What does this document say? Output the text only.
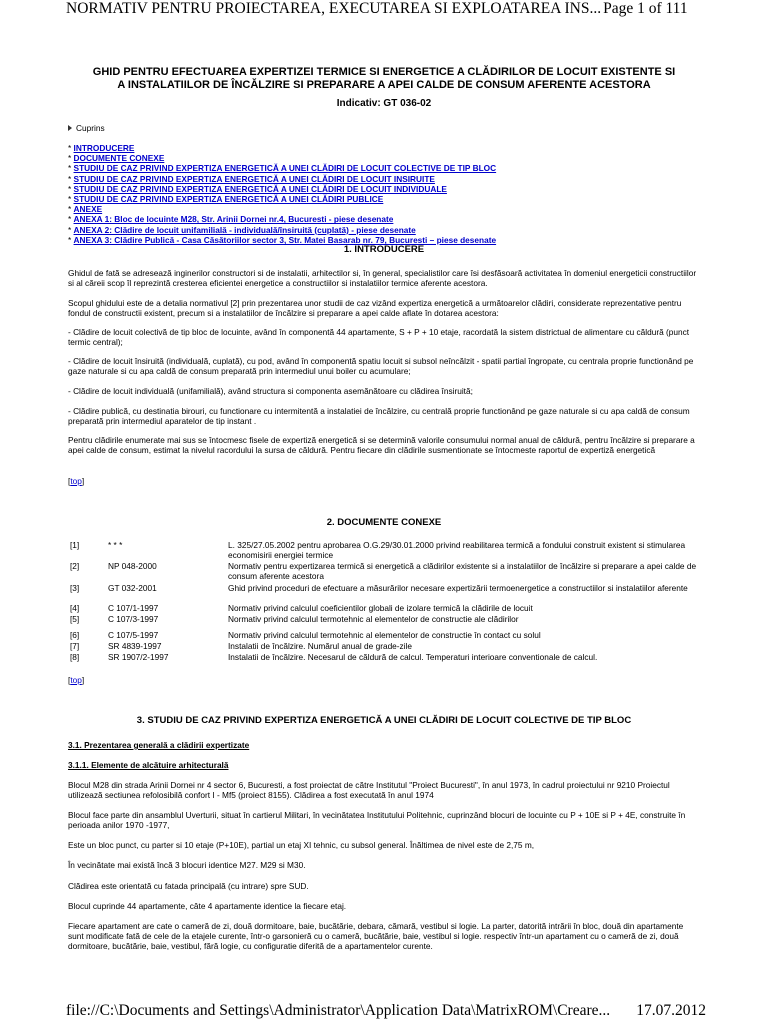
NORMATIV PENTRU PROIECTAREA, EXECUTAREA SI EXPLOATAREA INS... Page 1 of 111
GHID PENTRU EFECTUAREA EXPERTIZEI TERMICE SI ENERGETICE A CLĂDIRILOR DE LOCUIT EXISTENTE SI
A INSTALATIILOR DE ÎNCĂLZIRE SI PREPARARE A APEI CALDE DE CONSUM AFERENTE ACESTORA
Indicativ: GT 036-02
Cuprins
* INTRODUCERE
* DOCUMENTE CONEXE
* STUDIU DE CAZ PRIVIND EXPERTIZA ENERGETICĂ A UNEI CLĂDIRI DE LOCUIT COLECTIVE DE TIP BLOC
* STUDIU DE CAZ PRIVIND EXPERTIZA ENERGETICĂ A UNEI CLĂDIRI DE LOCUIT INSIRUITE
* STUDIU DE CAZ PRIVIND EXPERTIZA ENERGETICĂ A UNEI CLĂDIRI DE LOCUIT INDIVIDUALE
* STUDIU DE CAZ PRIVIND EXPERTIZA ENERGETICĂ A UNEI CLĂDIRI PUBLICE
* ANEXE
* ANEXA 1: Bloc de locuinte M28, Str. Arinii Dornei nr.4, Bucuresti - piese desenate
* ANEXA 2: Clădire de locuit unifamilială - individuală/însiruită (cuplată) - piese desenate
* ANEXA 3: Clădire Publică - Casa Căsătoriilor sector 3, Str. Matei Basarab nr. 79, Bucuresti – piese desenate
1. INTRODUCERE

Ghidul de fată se adresează inginerilor constructori si de instalatii, arhitectilor si, în general, specialistilor care îsi desfăsoară activitatea în domeniul energeticii constructiilor si al căreii scop îl reprezintă cresterea eficientei energetice a constructiilor si instalatiilor termice aferente acestora.

Scopul ghidului este de a detalia normativul [2] prin prezentarea unor studii de caz vizând expertiza energetică a următoarelor clădiri, considerate reprezentative pentru fondul de constructii existent, precum si a instalatiilor de încălzire si preparare a apei calde aflate în dotarea acestora:

- Clădire de locuit colectivă de tip bloc de locuinte, având în componentă 44 apartamente, S + P + 10 etaje, racordată la sistem districtual de alimentare cu căldură (punct termic central);

- Clădire de locuit însiruită (individuală, cuplată), cu pod, având în componentă spatiu locuit si subsol neîncălzit - spatii partial îngropate, cu centrala proprie functionând pe gaze naturale si cu apa caldă de consum preparată prin intermediul unui boiler cu acumulare;

- Clădire de locuit individuală (unifamilială), având structura si componenta asemănătoare cu clădirea însiruită;

- Clădire publică, cu destinatia birouri, cu functionare cu intermitentă a instalatiei de încălzire, cu centrală proprie functionând pe gaze naturale si cu apa caldă de consum preparată prin intermediul aparatelor de tip instant .

Pentru clădirile enumerate mai sus se întocmesc fisele de expertiză energetică si se determină valorile consumului normal anual de căldură, pentru încălzire si preparare a apei calde de consum, estimat la nivelul racordului la sursa de căldură. Pentru fiecare din clădirile susmentionate se întocmeste raportul de expertiză energetică

[top]
2. DOCUMENTE CONEXE
[1]	* * *	L. 325/27.05.2002 pentru aprobarea O.G.29/30.01.2000 privind reabilitarea termică a fondului construit existent si stimularea economisirii energiei termice
[2]	NP 048-2000	Normativ pentru expertizarea termică si energetică a clădirilor existente si a instalatiilor de încălzire si preparare a apei calde de consum aferente acestora
[3]	GT 032-2001	Ghid privind proceduri de efectuare a măsurărilor necesare expertizării termoenergetice a constructiilor si instalatiilor aferente
[4]	C 107/1-1997	Normativ privind calculul coeficientilor globali de izolare termică la clădirile de locuit
[5]	C 107/3-1997	Normativ privind calculul termotehnic al elementelor de constructie ale clădirilor
[6]	C 107/5-1997	Normativ privind calculul termotehnic al elementelor de constructie în contact cu solul
[7]	SR 4839-1997	Instalatii de încălzire. Numărul anual de grade-zile
[8]	SR 1907/2-1997	Instalatii de încălzire. Necesarul de căldură de calcul. Temperaturi interioare conventionale de calcul.
[top]
3. STUDIU DE CAZ PRIVIND EXPERTIZA ENERGETICĂ A UNEI CLĂDIRI DE LOCUIT COLECTIVE DE TIP BLOC
3.1. Prezentarea generală a clădirii expertizate
3.1.1. Elemente de alcătuire arhitecturală

Blocul M28 din strada Arinii Dornei nr 4 sector 6, Bucuresti, a fost proiectat de către Institutul "Proiect Bucuresti", în anul 1973, în cadrul proiectului nr 9210 Proiectul utilizează sectiunea refolosibilă confort I - Mf5 (proiect 8155). Clădirea a fost executată în anul 1974

Blocul face parte din ansamblul Uverturii, situat în cartierul Militari, în vecinătatea Institutului Politehnic, cuprinzând blocuri de locuinte cu P + 10E si P + 4E, construite în perioada anilor 1970 -1977,

Este un bloc punct, cu parter si 10 etaje (P+10E), partial un etaj XI tehnic, cu subsol general. Înăltimea de nivel este de 2,75 m,

În vecinătate mai există încă 3 blocuri identice M27. M29 si M30.

Clădirea este orientată cu fatada principală (cu intrare) spre SUD.

Blocul cuprinde 44 apartamente, câte 4 apartamente identice la fiecare etaj.

Fiecare apartament are cate o cameră de zi, două dormitoare, baie, bucătărie, debara, cămară, vestibul si logie. La parter, datorită intrării în bloc, două din apartamente sunt modificate fată de cele de la etajele curente, într-o garsonieră cu o cameră, bucătărie, baie, vestibul si logie. respectiv într-un apartament cu o cameră de zi, două dormitoare, bucătărie, baie, vestibul, fără logie, cu configuratie diferită de a apartamentelor curente.

file://C:\Documents and Settings\Administrator\Application Data\MatrixROM\Creare... 17.07.2012
